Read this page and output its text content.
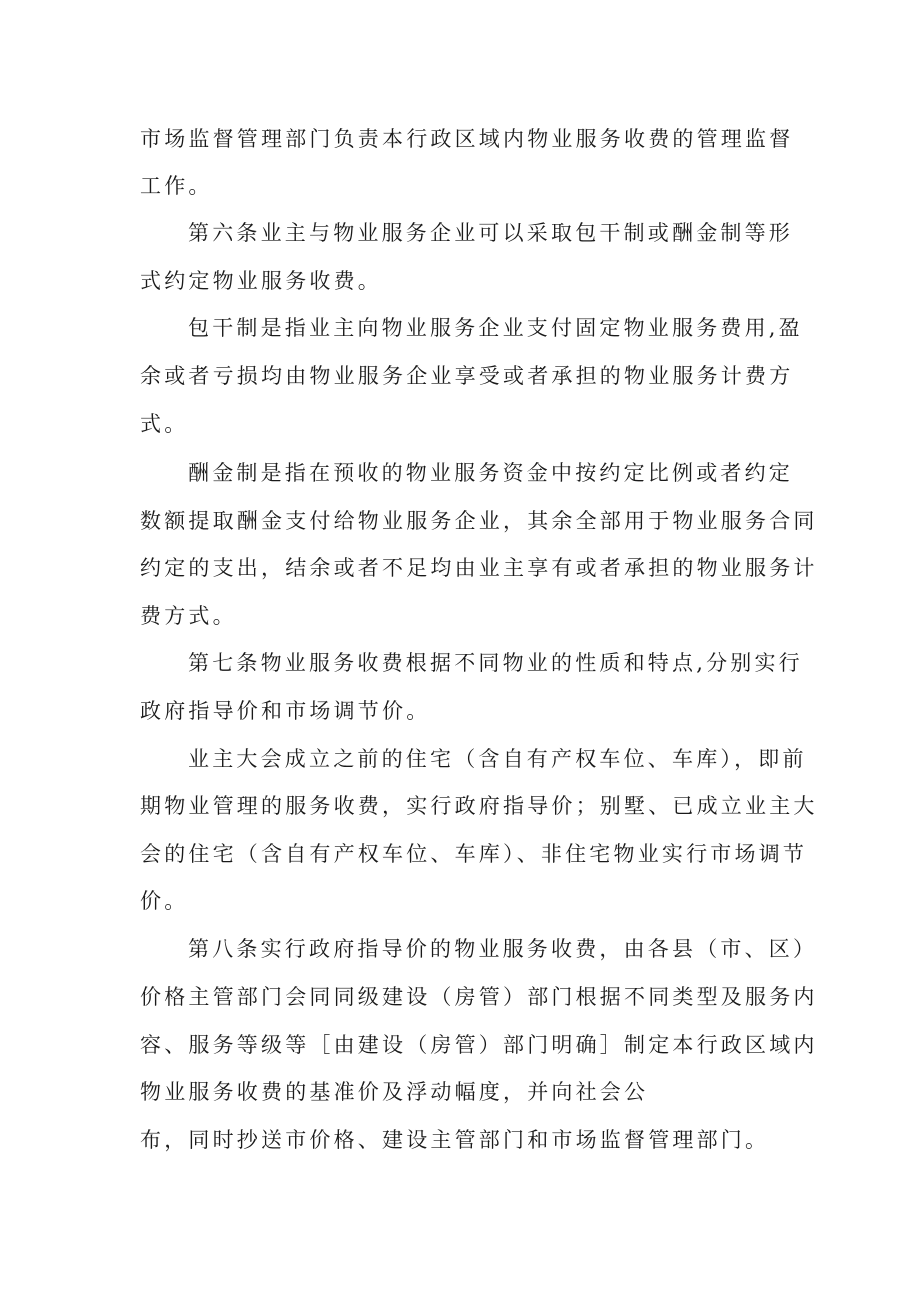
市场监督管理部门负责本行政区域内物业服务收费的管理监督
工作。
第六条业主与物业服务企业可以采取包干制或酬金制等形
式约定物业服务收费。
包干制是指业主向物业服务企业支付固定物业服务费用,盈
余或者亏损均由物业服务企业享受或者承担的物业服务计费方
式。
酬金制是指在预收的物业服务资金中按约定比例或者约定
数额提取酬金支付给物业服务企业，其余全部用于物业服务合同
约定的支出，结余或者不足均由业主享有或者承担的物业服务计
费方式。
第七条物业服务收费根据不同物业的性质和特点,分别实行
政府指导价和市场调节价。
业主大会成立之前的住宅（含自有产权车位、车库），即前
期物业管理的服务收费，实行政府指导价；别墅、已成立业主大
会的住宅（含自有产权车位、车库）、非住宅物业实行市场调节
价。
第八条实行政府指导价的物业服务收费，由各县（市、区）
价格主管部门会同同级建设（房管）部门根据不同类型及服务内
容、服务等级等［由建设（房管）部门明确］制定本行政区域内
物业服务收费的基准价及浮动幅度，并向社会公
布，同时抄送市价格、建设主管部门和市场监督管理部门。
